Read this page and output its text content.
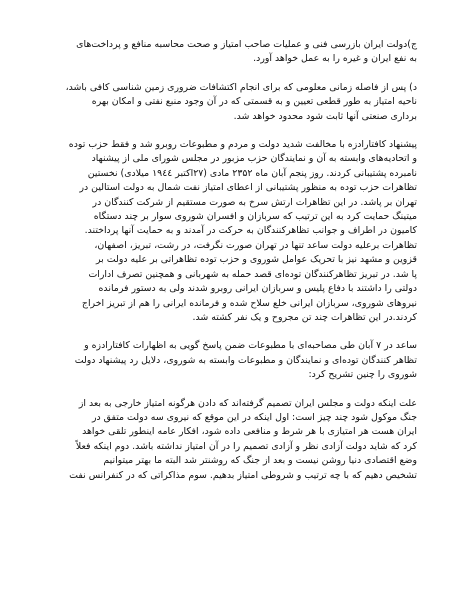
ج)دولت ایران بازرسی فنی و عملیات صاحب امتیاز و صحت محاسبه منافع و پرداخت‌های
به نفع ایران و غیره را به عمل خواهد آورد.
د) پس از فاصله زمانی معلومی که برای انجام اکتشافات ضروری زمین شناسی کافی باشد،
ناحیه امتیاز به طور قطعی تعیین و به قسمتی که در آن وجود منبع نفتی و امکان بهره
برداری صنعتی آنها ثابت شود محدود خواهد شد.
پیشنهاد کافتارادزه با مخالفت شدید دولت و مردم و مطبوعات روبرو شد و فقط حزب توده
و اتحادیه‌های وابسته به آن و نمایندگان حزب مزبور در مجلس شورای ملی از پیشنهاد
نامبرده پشتیبانی کردند. روز پنجم آبان ماه ۲۳۵۲ مادی (۲۷اکتبر ۱۹٤٤ میلادی) نخستین
تظاهرات حزب توده به منظور پشتیبانی از اعطای امتیاز نفت شمال به دولت استالین در
تهران بر پاشد. در این تظاهرات ارتش سرخ به صورت مستقیم از شرکت کنندگان در
میتینگ حمایت کرد به این ترتیب که سربازان و افسران شوروی سوار بر چند دستگاه
کامیون در اطراف و جوانب تظاهرکنندگان به حرکت در آمدند و به حمایت آنها پرداختند.
تظاهرات برعلیه دولت ساعد تنها در تهران صورت نگرفت، در رشت، تبریز، اصفهان،
قزوین و مشهد نیز با تحریک عوامل شوروی و حزب توده تظاهراتی بر علیه دولت بر
پا شد. در تبریز تظاهرکنندگان توده‌ای قصد حمله به شهربانی و همچنین تصرف ادارات
دولتی را داشتند با دفاع پلیس و سربازان ایرانی روبرو شدند ولی به دستور فرمانده
نیروهای شوروی، سربازان ایرانی خلع سلاح شده و فرمانده ایرانی را هم از تبریز اخراج
کردند.در این تظاهرات چند تن مجروح و یک نفر کشته شد.
ساعد در ۷ آبان طی مصاحبه‌ای با مطبوعات ضمن پاسخ گویی به اظهارات کافتارادزه و
تظاهر کنندگان توده‌ای و نمایندگان و مطبوعات وابسته به شوروی، دلایل رد پیشنهاد دولت
شوروی را چنین تشریح کرد:
علت اینکه دولت و مجلس ایران تصمیم گرفته‌اند که دادن هرگونه امتیاز خارجی به بعد از
جنگ موکول شود چند چیز است: اول اینکه در این موقع که نیروی سه دولت متفق در
ایران هست هر امتیازی با هر شرط و منافعی داده شود، افکار عامه اینطور تلقی خواهد
کرد که شاید دولت آزادی نظر و آزادی تصمیم را در آن امتیاز نداشته باشد. دوم اینکه فعلاً
وضع اقتصادی دنیا روشن نیست و بعد از جنگ که روشنتر شد البته ما بهتر میتوانیم
تشخیص دهیم که با چه ترتیب و شروطی امتیاز بدهیم. سوم مذاکراتی که در کنفرانس نفت
